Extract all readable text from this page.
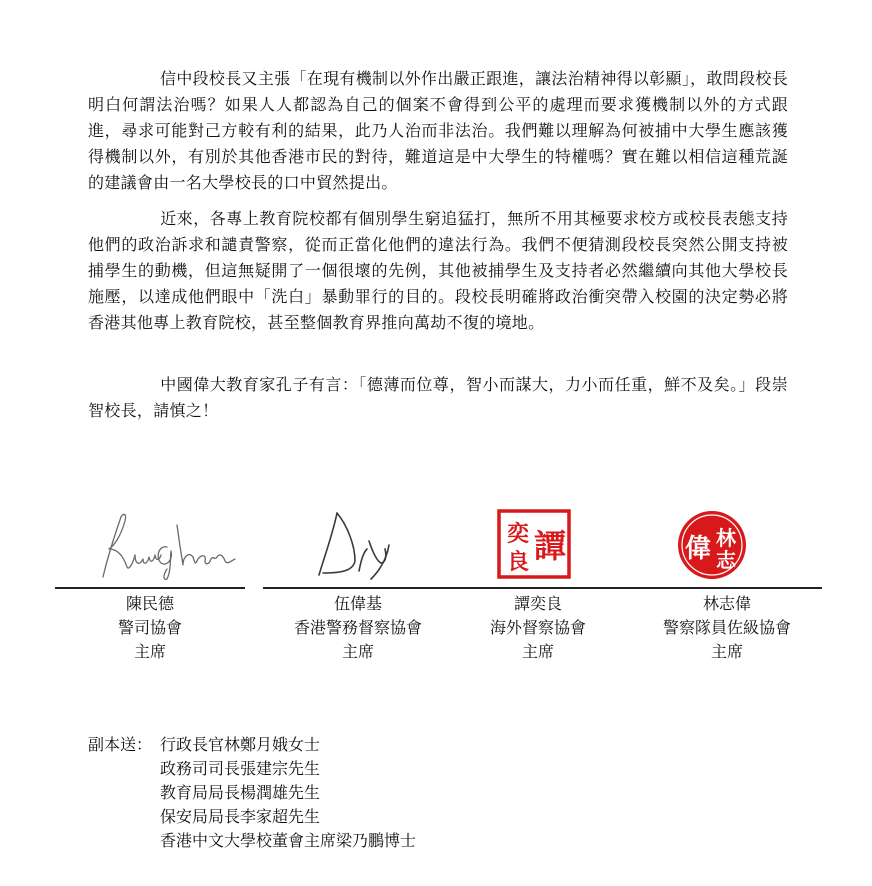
信中段校長又主張「在現有機制以外作出嚴正跟進，讓法治精神得以彰顯」，敢問段校長明白何謂法治嗎？如果人人都認為自己的個案不會得到公平的處理而要求獲機制以外的方式跟進，尋求可能對己方較有利的結果，此乃人治而非法治。我們難以理解為何被捕中大學生應該獲得機制以外，有別於其他香港市民的對待，難道這是中大學生的特權嗎？實在難以相信這種荒誕的建議會由一名大學校長的口中貿然提出。

近來，各專上教育院校都有個別學生窮追猛打，無所不用其極要求校方或校長表態支持他們的政治訴求和譴責警察，從而正當化他們的違法行為。我們不便猜測段校長突然公開支持被捕學生的動機，但這無疑開了一個很壞的先例，其他被捕學生及支持者必然繼續向其他大學校長施壓，以達成他們眼中「洗白」暴動罪行的目的。段校長明確將政治衝突帶入校園的決定勢必將香港其他專上教育院校，甚至整個教育界推向萬劫不復的境地。

中國偉大教育家孔子有言：「德薄而位尊，智小而謀大，力小而任重，鮮不及矣。」段崇智校長，請慎之！

陳民德
警司協會
主席
伍偉基
香港警務督察協會
主席
譚
奕
良
譚奕良
海外督察協會
主席
林
志
偉
林志偉
警察隊員佐級協會
主席
副本送： 行政長官林鄭月娥女士
政務司司長張建宗先生
教育局局長楊潤雄先生
保安局局長李家超先生
香港中文大學校董會主席梁乃鵬博士
